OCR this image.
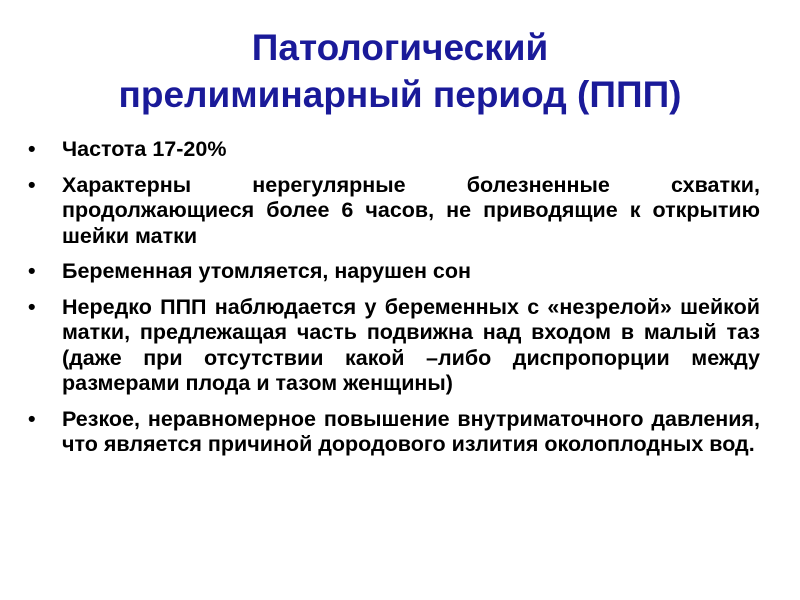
Патологический
прелиминарный период (ППП)
•	Частота 17-20%
•	Характерны нерегулярные болезненные схватки, продолжающиеся более 6 часов, не приводящие к открытию шейки матки
•	Беременная утомляется, нарушен сон
•	Нередко ППП наблюдается у беременных с «незрелой» шейкой матки, предлежащая часть подвижна над входом в малый таз (даже при отсутствии какой –либо диспропорции между размерами плода и тазом женщины)
•	Резкое, неравномерное повышение внутриматочного давления, что является причиной дородового излития околоплодных вод.
